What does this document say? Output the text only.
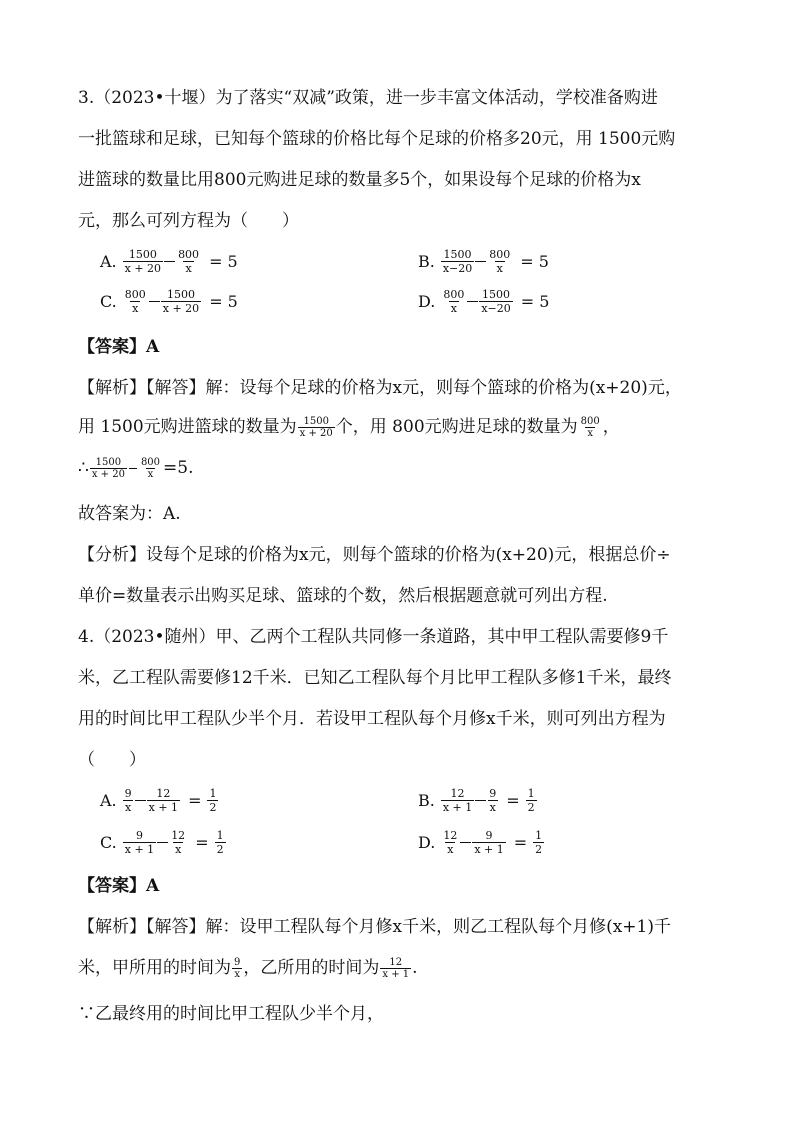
3.（2023•十堰）为了落实“双减”政策，进一步丰富文体活动，学校准备购进
一批篮球和足球，已知每个篮球的价格比每个足球的价格多20元，用 1500元购
进篮球的数量比用800元购进足球的数量多5个，如果设每个足球的价格为x
元，那么可列方程为（　　）
A. $\frac{1500}{x + 20} \frac{800}{x} = 5$	B. $\frac{1500}{x-20} \frac{800}{x} = 5$
C. $\frac{800}{x} \frac{1500}{x + 20} = 5$	D. $\frac{800}{x} \frac{1500}{x-20} = 5$
【答案】A
【解析】【解答】解：设每个足球的价格为x元，则每个篮球的价格为(x+20)元，
用 1500元购进篮球的数量为 $\frac{1500}{x + 20}$ 个，用 800元购进足球的数量为 $\frac{800}{x}$ ，
∴ $\frac{1500}{x + 20} \frac{800}{x} =5$.
故答案为：A.
【分析】设每个足球的价格为x元，则每个篮球的价格为(x+20)元，根据总价÷
单价=数量表示出购买足球、篮球的个数，然后根据题意就可列出方程.
4.（2023•随州）甲、乙两个工程队共同修一条道路，其中甲工程队需要修9千
米，乙工程队需要修12千米．已知乙工程队每个月比甲工程队多修1千米，最终
用的时间比甲工程队少半个月．若设甲工程队每个月修x千米，则可列出方程为
（　　）
A. $\frac{9}{x} \frac{12}{x + 1} = \frac{1}{2}$	B. $\frac{12}{x + 1} \frac{9}{x} = \frac{1}{2}$
C. $\frac{9}{x + 1} \frac{12}{x} = \frac{1}{2}$	D. $\frac{12}{x} \frac{9}{x + 1} = \frac{1}{2}$
【答案】A
【解析】【解答】解：设甲工程队每个月修x千米，则乙工程队每个月修(x+1)千
米，甲所用的时间为 $\frac{9}{x}$ ，乙所用的时间为 $\frac{12}{x + 1}$ .
∵乙最终用的时间比甲工程队少半个月，
